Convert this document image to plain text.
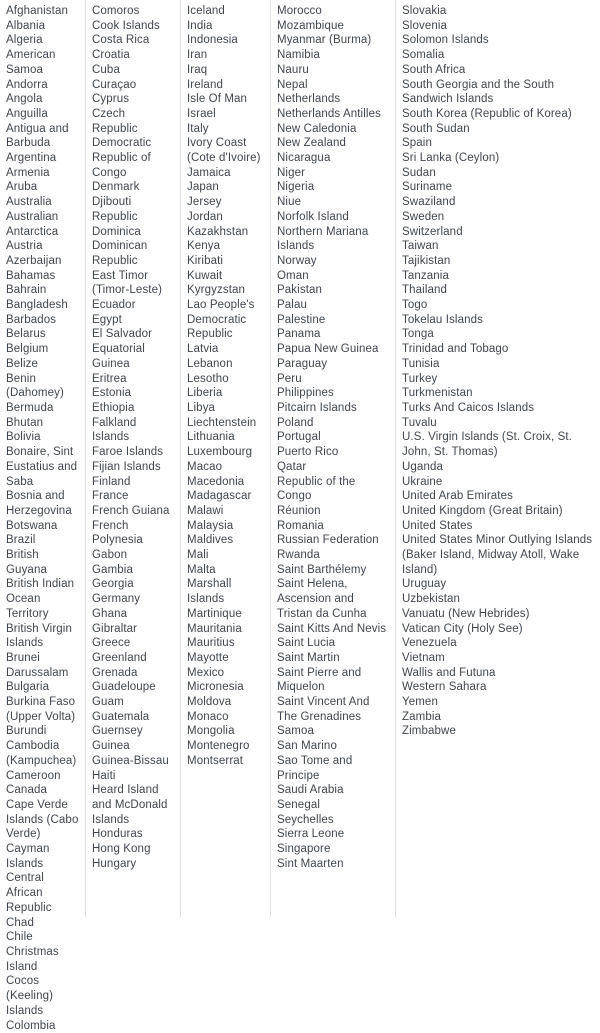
Afghanistan
Albania
Algeria
American Samoa
Andorra
Angola
Anguilla
Antigua and Barbuda
Argentina
Armenia
Aruba
Australia
Australian Antarctica
Austria
Azerbaijan
Bahamas
Bahrain
Bangladesh
Barbados
Belarus
Belgium
Belize
Benin (Dahomey)
Bermuda
Bhutan
Bolivia
Bonaire, Sint Eustatius and Saba
Bosnia and Herzegovina
Botswana
Brazil
British Guyana
British Indian Ocean Territory
British Virgin Islands
Brunei Darussalam
Bulgaria
Burkina Faso (Upper Volta)
Burundi
Cambodia (Kampuchea)
Cameroon
Canada
Cape Verde Islands (Cabo Verde)
Cayman Islands
Central African Republic
Chad
Chile
Christmas Island
Cocos (Keeling) Islands
Colombia
Comoros
Cook Islands
Costa Rica
Croatia
Cuba
Curaçao
Cyprus
Czech Republic
Democratic Republic of Congo
Denmark
Djibouti Republic
Dominica
Dominican Republic
East Timor (Timor-Leste)
Ecuador
Egypt
El Salvador
Equatorial Guinea
Eritrea
Estonia
Ethiopia
Falkland Islands
Faroe Islands
Fijian Islands
Finland
France
French Guiana
French Polynesia
Gabon
Gambia
Georgia
Germany
Ghana
Gibraltar
Greece
Greenland
Grenada
Guadeloupe
Guam
Guatemala
Guernsey
Guinea
Guinea-Bissau
Haiti
Heard Island and McDonald Islands
Honduras
Hong Kong
Hungary
Iceland
India
Indonesia
Iran
Iraq
Ireland
Isle Of Man
Israel
Italy
Ivory Coast (Cote d'Ivoire)
Jamaica
Japan
Jersey
Jordan
Kazakhstan
Kenya
Kiribati
Kuwait
Kyrgyzstan
Lao People's Democratic Republic
Latvia
Lebanon
Lesotho
Liberia
Libya
Liechtenstein
Lithuania
Luxembourg
Macao
Macedonia
Madagascar
Malawi
Malaysia
Maldives
Mali
Malta
Marshall Islands
Martinique
Mauritania
Mauritius
Mayotte
Mexico
Micronesia
Moldova
Monaco
Mongolia
Montenegro
Montserrat
Morocco
Mozambique
Myanmar (Burma)
Namibia
Nauru
Nepal
Netherlands
Netherlands Antilles
New Caledonia
New Zealand
Nicaragua
Niger
Nigeria
Niue
Norfolk Island
Northern Mariana Islands
Norway
Oman
Pakistan
Palau
Palestine
Panama
Papua New Guinea
Paraguay
Peru
Philippines
Pitcairn Islands
Poland
Portugal
Puerto Rico
Qatar
Republic of the Congo
Réunion
Romania
Russian Federation
Rwanda
Saint Barthélemy
Saint Helena, Ascension and Tristan da Cunha
Saint Kitts And Nevis
Saint Lucia
Saint Martin
Saint Pierre and Miquelon
Saint Vincent And The Grenadines
Samoa
San Marino
Sao Tome and Principe
Saudi Arabia
Senegal
Seychelles
Sierra Leone
Singapore
Sint Maarten
Slovakia
Slovenia
Solomon Islands
Somalia
South Africa
South Georgia and the South Sandwich Islands
South Korea (Republic of Korea)
South Sudan
Spain
Sri Lanka (Ceylon)
Sudan
Suriname
Swaziland
Sweden
Switzerland
Taiwan
Tajikistan
Tanzania
Thailand
Togo
Tokelau Islands
Tonga
Trinidad and Tobago
Tunisia
Turkey
Turkmenistan
Turks And Caicos Islands
Tuvalu
U.S. Virgin Islands (St. Croix, St. John, St. Thomas)
Uganda
Ukraine
United Arab Emirates
United Kingdom (Great Britain)
United States
United States Minor Outlying Islands (Baker Island, Midway Atoll, Wake Island)
Uruguay
Uzbekistan
Vanuatu (New Hebrides)
Vatican City (Holy See)
Venezuela
Vietnam
Wallis and Futuna
Western Sahara
Yemen
Zambia
Zimbabwe
